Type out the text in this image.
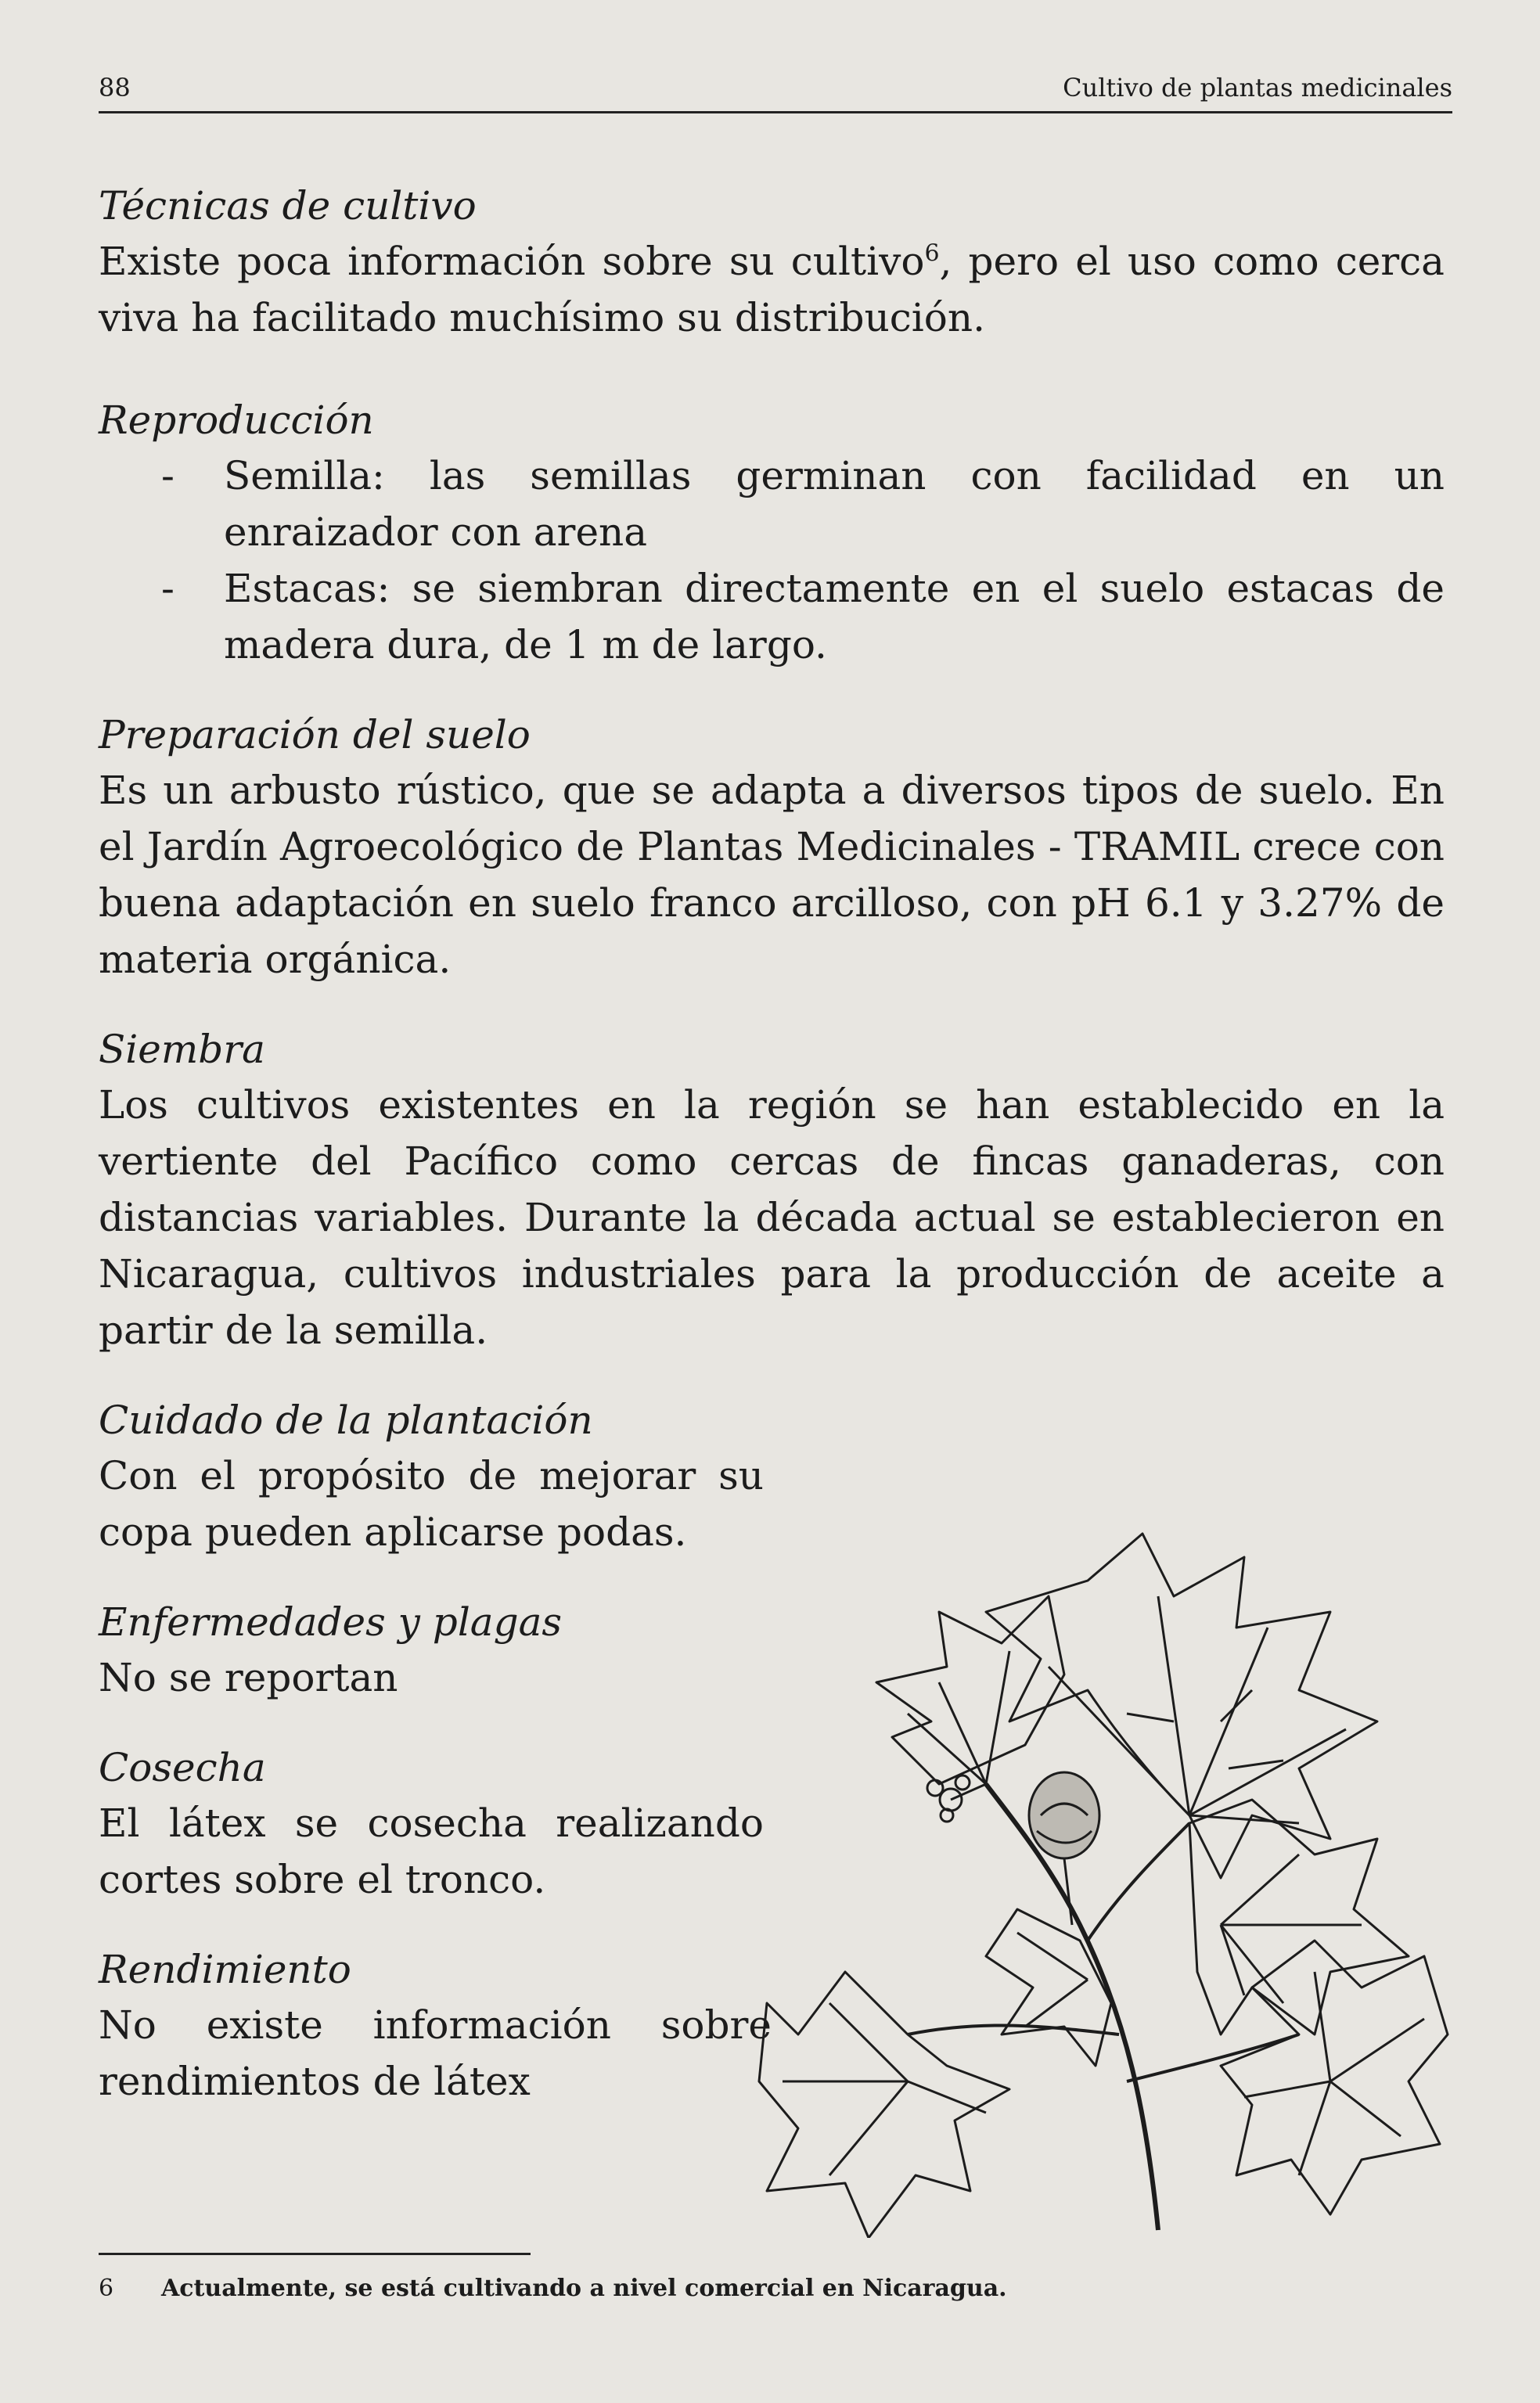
88	Cultivo de plantas medicinales
Técnicas de cultivo

Existe poca información sobre su cultivo$^6$, pero el uso como cerca viva ha facilitado muchísimo su distribución.

Reproducción
- Semilla: las semillas germinan con facilidad en un enraizador con arena
- Estacas: se siembran directamente en el suelo estacas de madera dura, de 1 m de largo.
Preparación del suelo

Es un arbusto rústico, que se adapta a diversos tipos de suelo. En el Jardín Agroecológico de Plantas Medicinales - TRAMIL crece con buena adaptación en suelo franco arcilloso, con pH 6.1 y 3.27% de materia orgánica.

Siembra

Los cultivos existentes en la región se han establecido en la vertiente del Pacífico como cercas de fincas ganaderas, con distancias variables. Durante la década actual se establecieron en Nicaragua, cultivos industriales para la producción de aceite a partir de la semilla.

Cuidado de la plantación

Con el propósito de mejorar su copa pueden aplicarse podas.

Enfermedades y plagas

No se reportan

Cosecha

El látex se cosecha realizando cortes sobre el tronco.

Rendimiento

No existe información sobre rendimientos de látex

6 Actualmente, se está cultivando a nivel comercial en Nicaragua.
